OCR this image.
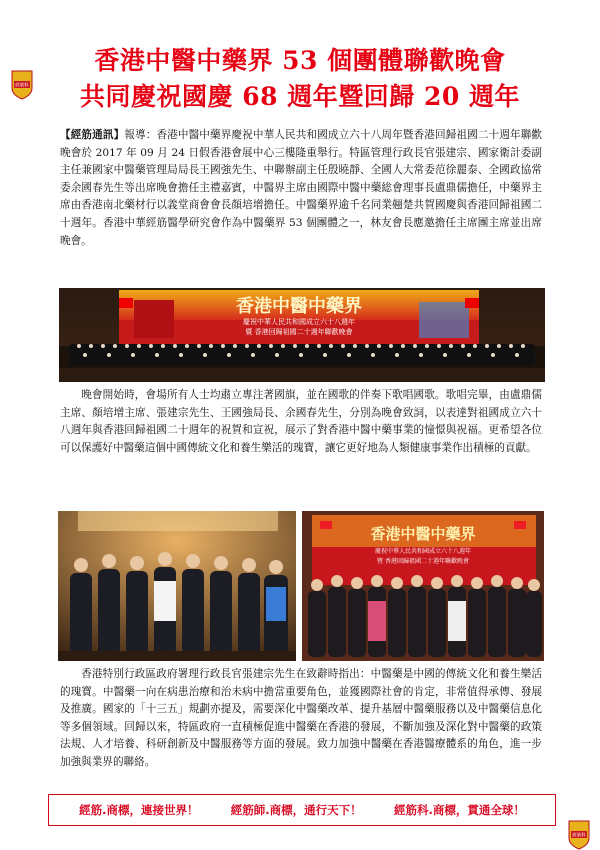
經筋科
香港中醫中藥界 53 個團體聯歡晚會
共同慶祝國慶 68 週年暨回歸 20 週年
【經筋通訊】報導：香港中醫中藥界慶祝中華人民共和國成立六十八周年暨香港回歸祖國二十週年聯歡晚會於 2017 年 09 月 24 日假香港會展中心三樓隆重舉行。特區管理行政長官張建宗、國家衛計委副主任兼國家中醫藥管理局局長王國強先生、中聯辦副主任殷曉靜、全國人大常委范徐麗泰、全國政協常委余國春先生等出席晚會擔任主禮嘉賓，中醫界主席由國際中醫中藥総會理事長盧鼎儒擔任，中藥界主席由香港南北藥材行以義堂商會會長顏培增擔任。中醫藥界逾千名同業翹楚共賀國慶與香港回歸祖國二十週年。香港中華經筋醫學研究會作為中醫藥界 53 個團體之一，林友會長應邀擔任主席團主席並出席晚會。
香港中醫中藥界
慶祝中華人民共和國成立六十八週年
暨 香港回歸祖國二十週年聯歡晚會
晚會開始時，會場所有人士均肅立專注著國旗，並在國歌的伴奏下歌唱國歌。歌唱完畢，由盧鼎儒主席、顏培增主席、張建宗先生、王國強局長、余國春先生，分別為晚會致詞，以表達對祖國成立六十八週年與香港回歸祖國二十週年的祝賀和宣祝，展示了對香港中醫中藥事業的憧憬與祝福。更希望各位可以保護好中醫藥這個中國傳統文化和養生樂活的瑰寶，讓它更好地為人類健康事業作出積極的貢獻。
香港中醫中藥界
慶祝中華人民共和國成立六十八週年
暨 香港回歸祖國二十週年聯歡晚會
香港特別行政區政府署理行政長官張建宗先生在致辭時指出：中醫藥是中國的傳統文化和養生樂活的瑰寶。中醫藥一向在病患治療和治未病中擔當重要角色，並獲國際社會的肯定，非常值得承傳、發展及推廣。國家的「十三五」規劃亦提及，需要深化中醫藥改革、提升基層中醫藥服務以及中醫藥信息化等多個領域。回歸以來，特區政府一直積極促進中醫藥在香港的發展，不斷加強及深化對中醫藥的政策法規、人才培養、科研創新及中醫服務等方面的發展。致力加強中醫藥在香港醫療體系的角色，進一步加強與業界的聯絡。
經筋.商標，連接世界！	經筋師.商標，通行天下！	經筋科.商標，貫通全球！
經筋科
